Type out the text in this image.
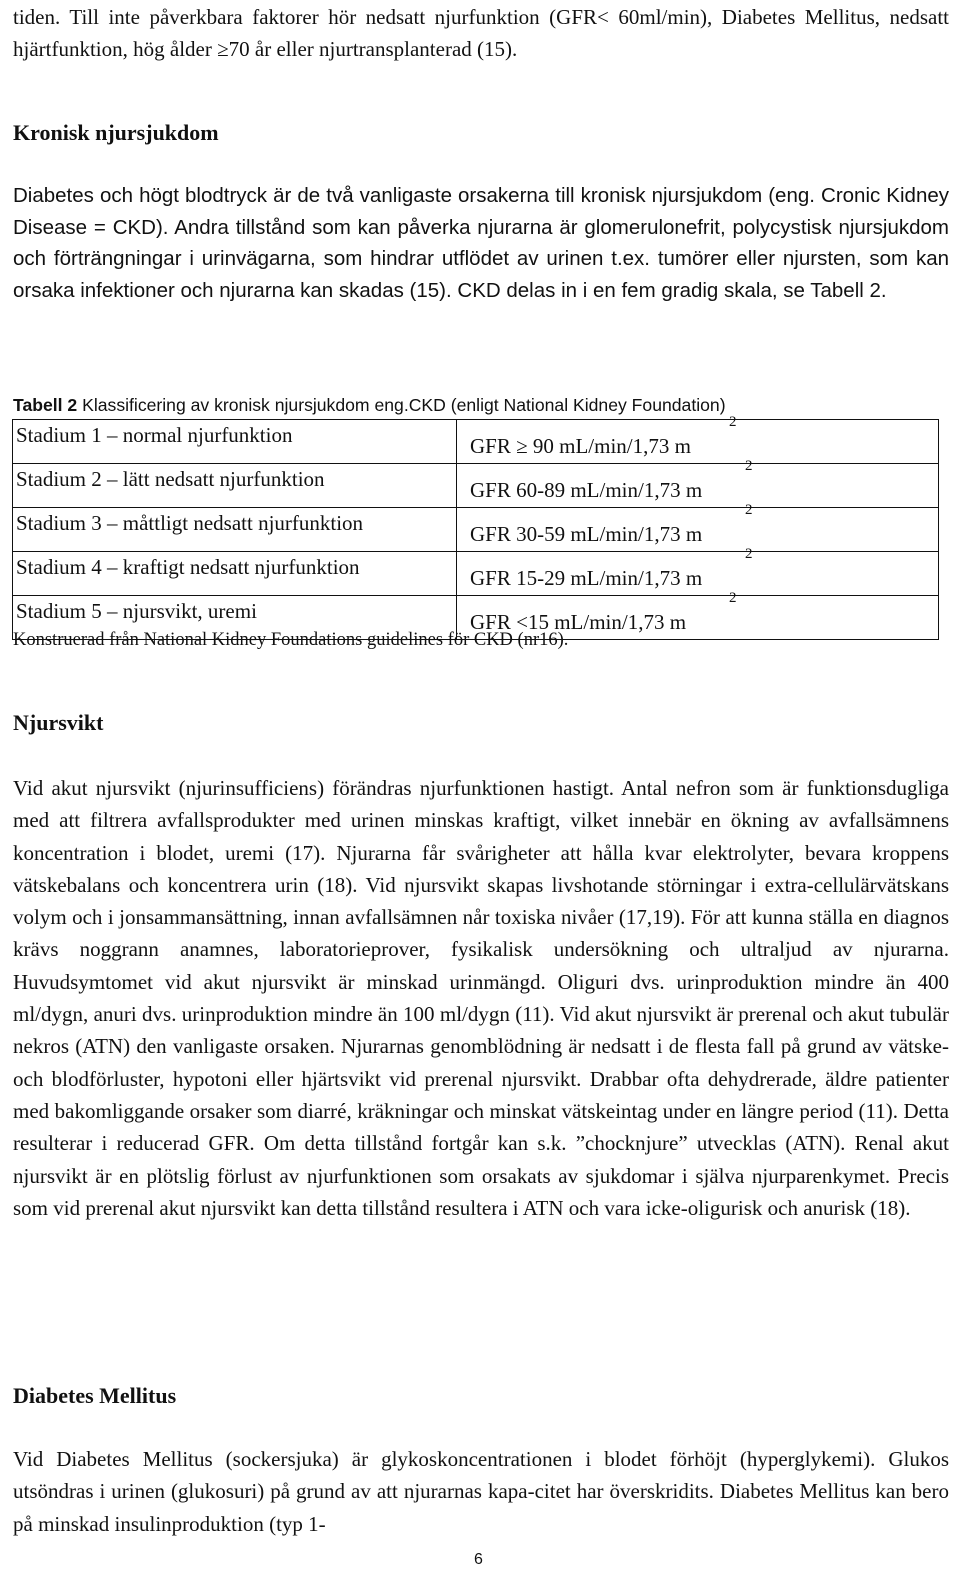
tiden. Till inte påverkbara faktorer hör nedsatt njurfunktion (GFR< 60ml/min), Diabetes Mellitus, nedsatt hjärtfunktion, hög ålder ≥70 år eller njurtransplanterad (15).
Kronisk njursjukdom
Diabetes och högt blodtryck är de två vanligaste orsakerna till kronisk njursjukdom (eng. Cronic Kidney Disease = CKD). Andra tillstånd som kan påverka njurarna är glomerulonefrit, polycystisk njursjukdom och förträngningar i urinvägarna, som hindrar utflödet av urinen t.ex. tumörer eller njursten, som kan orsaka infektioner och njurarna kan skadas (15). CKD delas in i en fem gradig skala, se Tabell 2.
Tabell 2 Klassificering av kronisk njursjukdom eng.CKD (enligt National Kidney Foundation)
Stadium 1 – normal njurfunktion	GFR ≥ 90 mL/min/1,73 m
2

Stadium 2 – lätt nedsatt njurfunktion	GFR 60-89 mL/min/1,73 m
2

Stadium 3 – måttligt nedsatt njurfunktion	GFR 30-59 mL/min/1,73 m
2

Stadium 4 – kraftigt nedsatt njurfunktion	GFR 15-29 mL/min/1,73 m
2

Stadium 5 – njursvikt, uremi	GFR <15 mL/min/1,73 m
2
Konstruerad från National Kidney Foundations guidelines för CKD (nr16).
Njursvikt
Vid akut njursvikt (njurinsufficiens) förändras njurfunktionen hastigt. Antal nefron som är funktionsdugliga med att filtrera avfallsprodukter med urinen minskas kraftigt, vilket innebär en ökning av avfallsämnens koncentration i blodet, uremi (17). Njurarna får svårigheter att hålla kvar elektrolyter, bevara kroppens vätskebalans och koncentrera urin (18). Vid njursvikt skapas livshotande störningar i extra-cellulärvätskans volym och i jonsammansättning, innan avfallsämnen når toxiska nivåer (17,19). För att kunna ställa en diagnos krävs noggrann anamnes, laboratorieprover, fysikalisk undersökning och ultraljud av njurarna. Huvudsymtomet vid akut njursvikt är minskad urinmängd. Oliguri dvs. urinproduktion mindre än 400 ml/dygn, anuri dvs. urinproduktion mindre än 100 ml/dygn (11). Vid akut njursvikt är prerenal och akut tubulär nekros (ATN) den vanligaste orsaken. Njurarnas genomblödning är nedsatt i de flesta fall på grund av vätske- och blodförluster, hypotoni eller hjärtsvikt vid prerenal njursvikt. Drabbar ofta dehydrerade, äldre patienter med bakomliggande orsaker som diarré, kräkningar och minskat vätskeintag under en längre period (11). Detta resulterar i reducerad GFR. Om detta tillstånd fortgår kan s.k. ”chocknjure” utvecklas (ATN). Renal akut njursvikt är en plötslig förlust av njurfunktionen som orsakats av sjukdomar i själva njurparenkymet. Precis som vid prerenal akut njursvikt kan detta tillstånd resultera i ATN och vara icke-oligurisk och anurisk (18).
Diabetes Mellitus
Vid Diabetes Mellitus (sockersjuka) är glykoskoncentrationen i blodet förhöjt (hyperglykemi). Glukos utsöndras i urinen (glukosuri) på grund av att njurarnas kapa-citet har överskridits. Diabetes Mellitus kan bero på minskad insulinproduktion (typ 1-
6
